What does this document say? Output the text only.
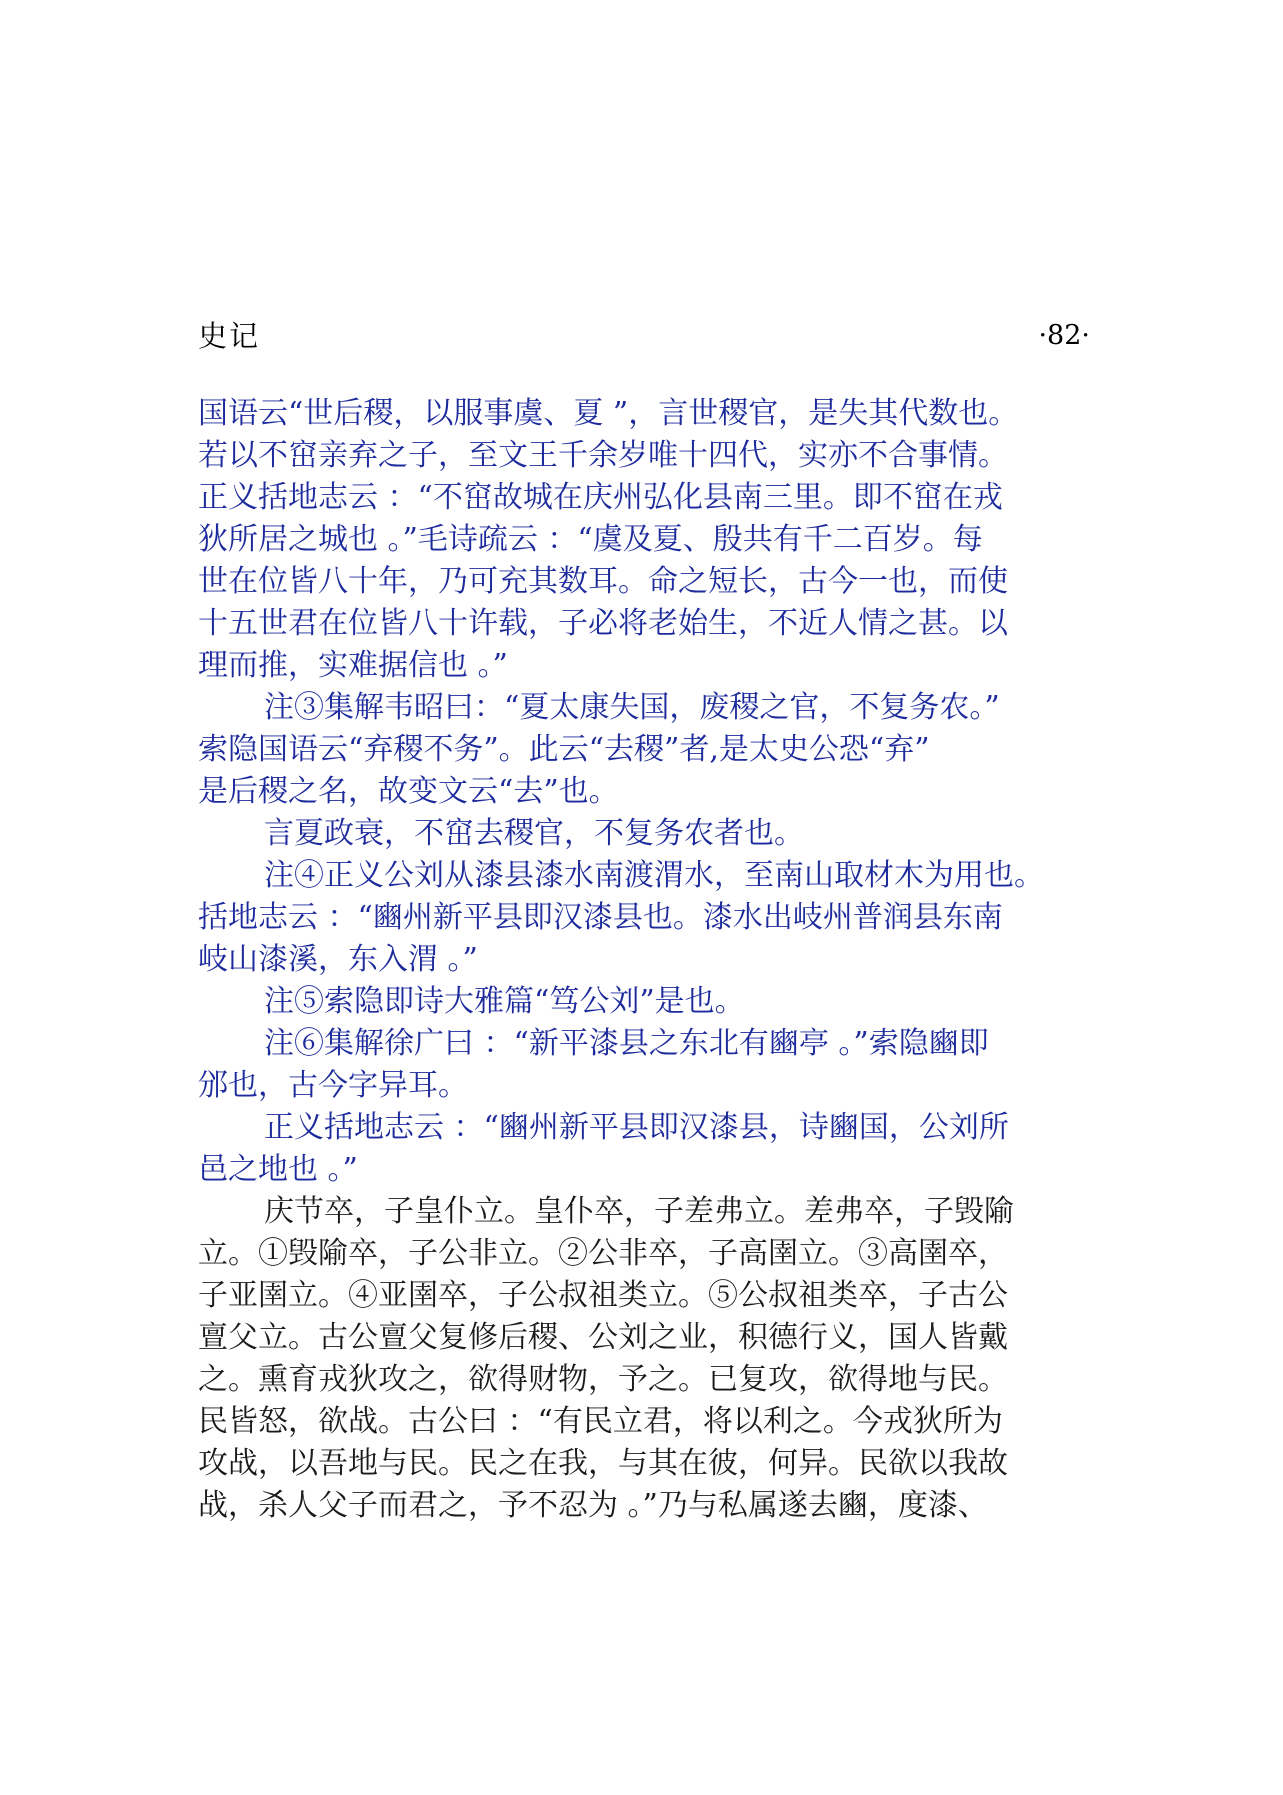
史记	·82·
国语云“世后稷，以服事虞、夏 ”，言世稷官，是失其代数也。
若以不窋亲弃之子，至文王千余岁唯十四代，实亦不合事情。
正义括地志云 ：“不窋故城在庆州弘化县南三里。即不窋在戎
狄所居之城也 。”毛诗疏云 ：“虞及夏、殷共有千二百岁。每
世在位皆八十年，乃可充其数耳。命之短长，古今一也，而使
十五世君在位皆八十许载，子必将老始生，不近人情之甚。以
理而推，实难据信也 。”
注③集解韦昭曰：“夏太康失国，废稷之官，不复务农。”
索隐国语云“弃稷不务”。此云“去稷”者,是太史公恐“弃”
是后稷之名，故变文云“去”也。
言夏政衰，不窋去稷官，不复务农者也。
注④正义公刘从漆县漆水南渡渭水，至南山取材木为用也。
括地志云 ：“豳州新平县即汉漆县也。漆水出岐州普润县东南
岐山漆溪，东入渭 。”
注⑤索隐即诗大雅篇“笃公刘”是也。
注⑥集解徐广曰 ：“新平漆县之东北有豳亭 。”索隐豳即
邠也，古今字异耳。
正义括地志云 ：“豳州新平县即汉漆县，诗豳国，公刘所
邑之地也 。”
庆节卒，子皇仆立。皇仆卒，子差弗立。差弗卒，子毁隃
立。①毁隃卒，子公非立。②公非卒，子高圉立。③高圉卒，
子亚圉立。④亚圉卒，子公叔祖类立。⑤公叔祖类卒，子古公
亶父立。古公亶父复修后稷、公刘之业，积德行义，国人皆戴
之。熏育戎狄攻之，欲得财物，予之。已复攻，欲得地与民。
民皆怒，欲战。古公曰 ：“有民立君，将以利之。今戎狄所为
攻战，以吾地与民。民之在我，与其在彼，何异。民欲以我故
战，杀人父子而君之，予不忍为 。”乃与私属遂去豳，度漆、
